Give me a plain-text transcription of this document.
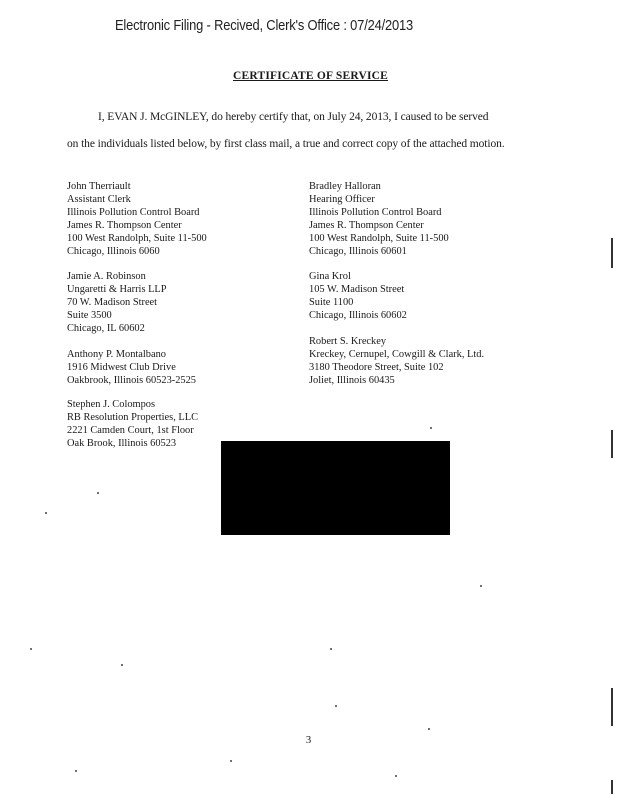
Electronic Filing - Recived, Clerk's Office : 07/24/2013
CERTIFICATE OF SERVICE
I, EVAN J. McGINLEY, do hereby certify that, on July 24, 2013, I caused to be served
on the individuals listed below, by first class mail, a true and correct copy of the attached motion.
John Therriault
Assistant Clerk
Illinois Pollution Control Board
James R. Thompson Center
100 West Randolph, Suite 11-500
Chicago, Illinois 6060
Bradley Halloran
Hearing Officer
Illinois Pollution Control Board
James R. Thompson Center
100 West Randolph, Suite 11-500
Chicago, Illinois 60601
Jamie A. Robinson
Ungaretti & Harris LLP
70 W. Madison Street
Suite 3500
Chicago, IL 60602
Gina Krol
105 W. Madison Street
Suite 1100
Chicago, Illinois 60602
Robert S. Kreckey
Kreckey, Cernupel, Cowgill & Clark, Ltd.
3180 Theodore Street, Suite 102
Joliet, Illinois 60435
Anthony P. Montalbano
1916 Midwest Club Drive
Oakbrook, Illinois 60523-2525
Stephen J. Colompos
RB Resolution Properties, LLC
2221 Camden Court, 1st Floor
Oak Brook, Illinois 60523
3
